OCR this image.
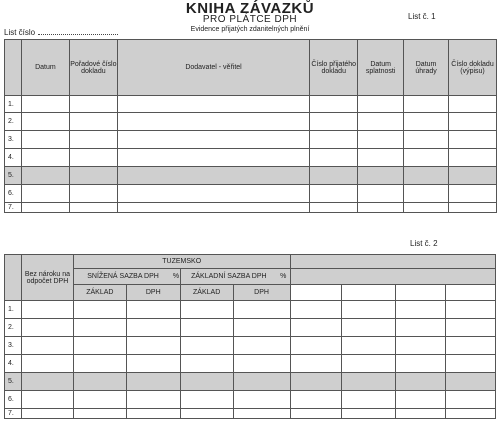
KNIHA ZÁVAZKŮ
PRO PLÁTCE DPH
Evidence přijatých zdanitelných plnění
List č. 1
List číslo
	Datum	Pořadové číslo dokladu	Dodavatel - věřitel	Číslo přijatého dokladu	Datum splatnosti	Datum úhrady	Číslo dokladu (výpisu)
1.							
2.							
3.							
4.							
5.							
6.							
7.							
List č. 2
	Bez nároku na odpočet DPH	TUZEMSKO									
		SNÍŽENÁ SAZBA DPH		%	ZÁKLADNÍ SAZBA DPH		%				
		ZÁKLAD	DPH		ZÁKLAD	DPH					
1.											
2.											
3.											
4.											
5.											
6.											
7.											
